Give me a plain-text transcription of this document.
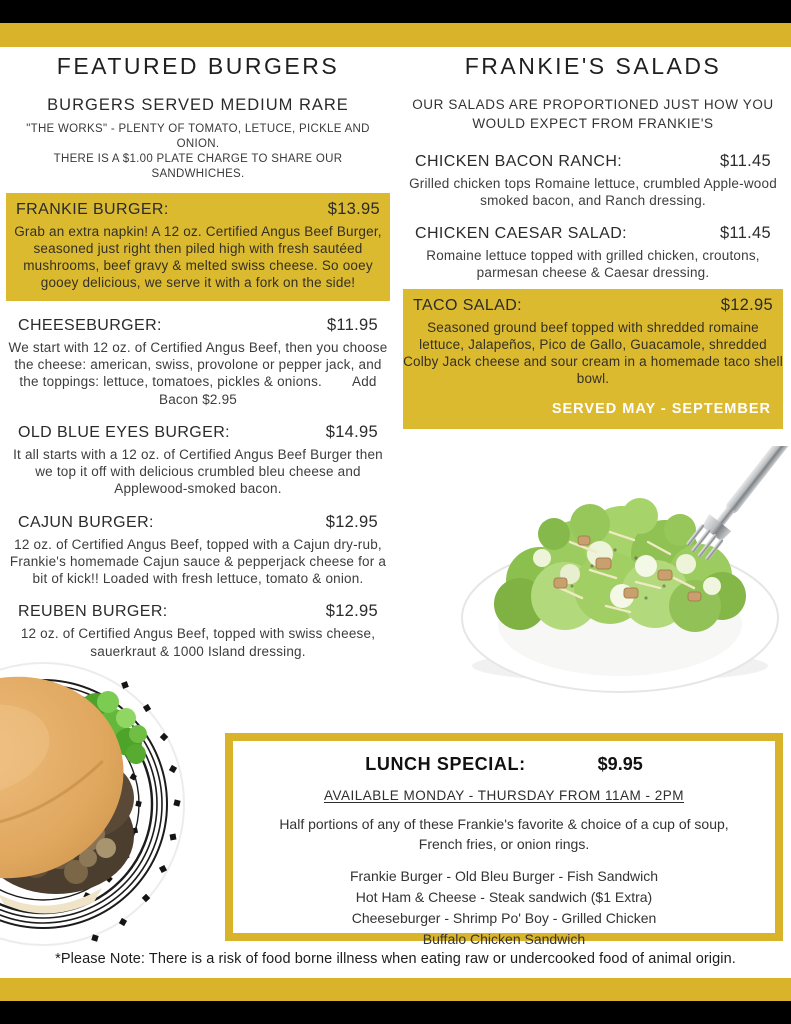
FEATURED BURGERS
BURGERS SERVED MEDIUM RARE
"THE WORKS" - PLENTY OF TOMATO, LETUCE, PICKLE AND ONION.
THERE IS A $1.00 PLATE CHARGE TO SHARE OUR SANDWHICHES.
FRANKIE BURGER:	$13.95

Grab an extra napkin! A 12 oz. Certified Angus Beef Burger, seasoned just right then piled high with fresh sautéed mushrooms, beef gravy & melted swiss cheese. So ooey gooey delicious, we serve it with a fork on the side!

CHEESEBURGER:	$11.95

We start with 12 oz. of Certified Angus Beef, then you choose the cheese: american, swiss, provolone or pepper jack, and the toppings: lettuce, tomatoes, pickles & onions. Add Bacon $2.95

OLD BLUE EYES BURGER:	$14.95

It all starts with a 12 oz. of Certified Angus Beef Burger then we top it off with delicious crumbled bleu cheese and Applewood-smoked bacon.

CAJUN BURGER:	$12.95

12 oz. of Certified Angus Beef, topped with a Cajun dry-rub, Frankie's homemade Cajun sauce & pepperjack cheese for a bit of kick!! Loaded with fresh lettuce, tomato & onion.

REUBEN BURGER:	$12.95

12 oz. of Certified Angus Beef, topped with swiss cheese, sauerkraut & 1000 Island dressing.

FRANKIE'S SALADS
OUR SALADS ARE PROPORTIONED JUST HOW YOU WOULD EXPECT FROM FRANKIE'S
CHICKEN BACON RANCH:	$11.45

Grilled chicken tops Romaine lettuce, crumbled Apple-wood smoked bacon, and Ranch dressing.

CHICKEN CAESAR SALAD:	$11.45

Romaine lettuce topped with grilled chicken, croutons, parmesan cheese & Caesar dressing.

TACO SALAD:	$12.95

Seasoned ground beef topped with shredded romaine lettuce, Jalapeños, Pico de Gallo, Guacamole, shredded Colby Jack cheese and sour cream in a homemade taco shell bowl.

SERVED MAY - SEPTEMBER
LUNCH SPECIAL:	$9.95
AVAILABLE MONDAY - THURSDAY FROM 11AM - 2PM

Half portions of any of these Frankie's favorite & choice of a cup of soup, French fries, or onion rings.

Frankie Burger - Old Bleu Burger - Fish Sandwich
Hot Ham & Cheese - Steak sandwich ($1 Extra)
Cheeseburger - Shrimp Po' Boy - Grilled Chicken
Buffalo Chicken Sandwich
*Please Note: There is a risk of food borne illness when eating raw or undercooked food of animal origin.
